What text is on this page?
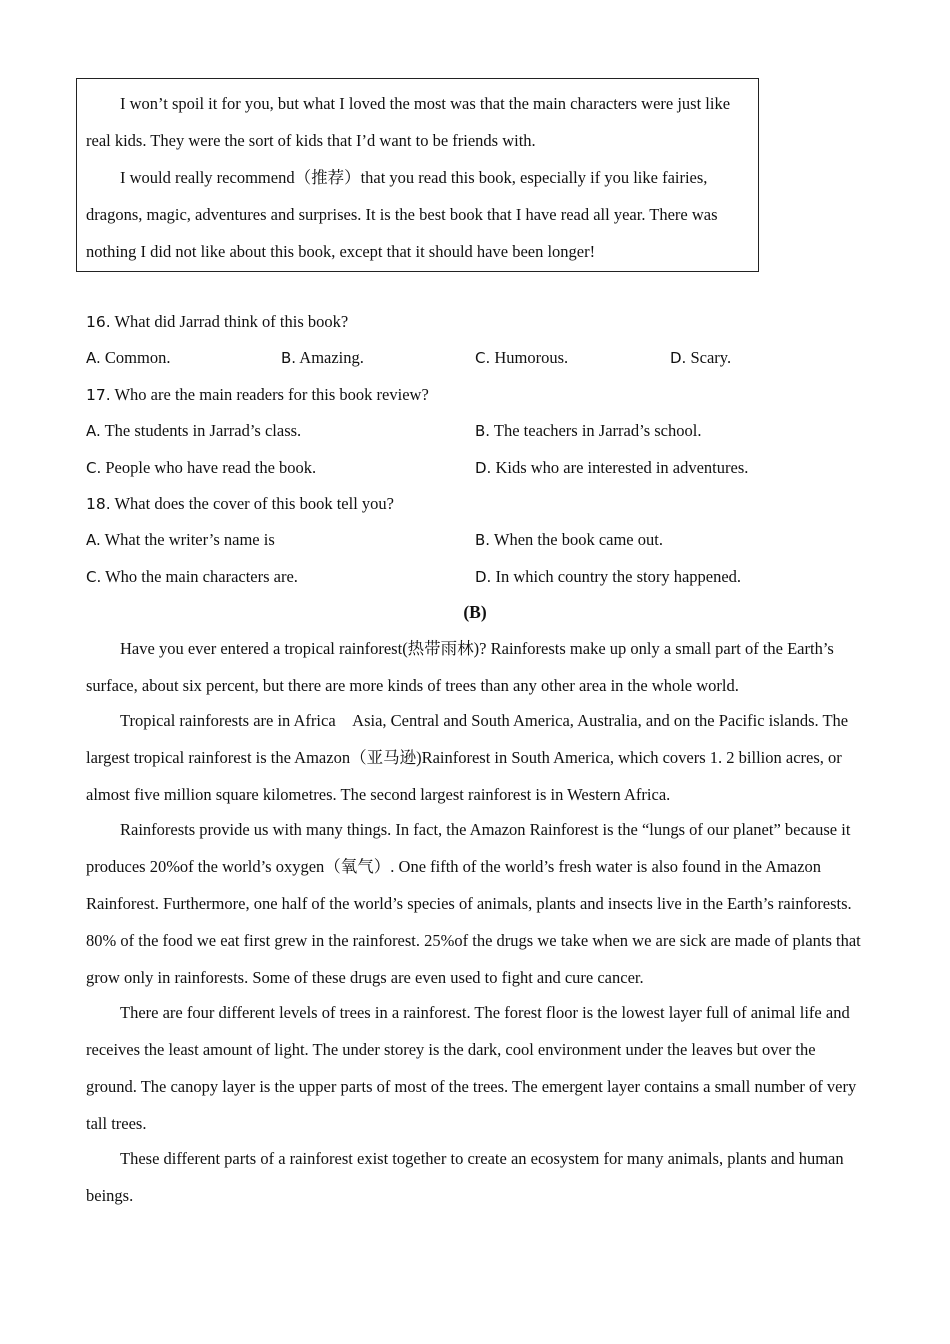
I won’t spoil it for you, but what I loved the most was that the main characters were just like real kids. They were the sort of kids that I’d want to be friends with.

I would really recommend（推荐）that you read this book, especially if you like fairies, dragons, magic, adventures and surprises. It is the best book that I have read all year. There was nothing I did not like about this book, except that it should have been longer!

16. What did Jarrad think of this book?

A. Common.	B. Amazing.	C. Humorous.	D. Scary.

17. Who are the main readers for this book review?

A. The students in Jarrad’s class.	B. The teachers in Jarrad’s school.

C. People who have read the book.	D. Kids who are interested in adventures.

18. What does the cover of this book tell you?

A. What the writer’s name is	B. When the book came out.

C. Who the main characters are.	D. In which country the story happened.

(B)

Have you ever entered a tropical rainforest(热带雨林)? Rainforests make up only a small part of the Earth’s surface, about six percent, but there are more kinds of trees than any other area in the whole world.

Tropical rainforests are in Africa　Asia, Central and South America, Australia, and on the Pacific islands. The largest tropical rainforest is the Amazon（亚马逊)Rainforest in South America, which covers 1. 2 billion acres, or almost five million square kilometres. The second largest rainforest is in Western Africa.

Rainforests provide us with many things. In fact, the Amazon Rainforest is the “lungs of our planet” because it produces 20%of the world’s oxygen（氧气）. One fifth of the world’s fresh water is also found in the Amazon Rainforest. Furthermore, one half of the world’s species of animals, plants and insects live in the Earth’s rainforests. 80% of the food we eat first grew in the rainforest. 25%of the drugs we take when we are sick are made of plants that grow only in rainforests. Some of these drugs are even used to fight and cure cancer.

There are four different levels of trees in a rainforest. The forest floor is the lowest layer full of animal life and receives the least amount of light. The under storey is the dark, cool environment under the leaves but over the ground. The canopy layer is the upper parts of most of the trees. The emergent layer contains a small number of very tall trees.

These different parts of a rainforest exist together to create an ecosystem for many animals, plants and human beings.
